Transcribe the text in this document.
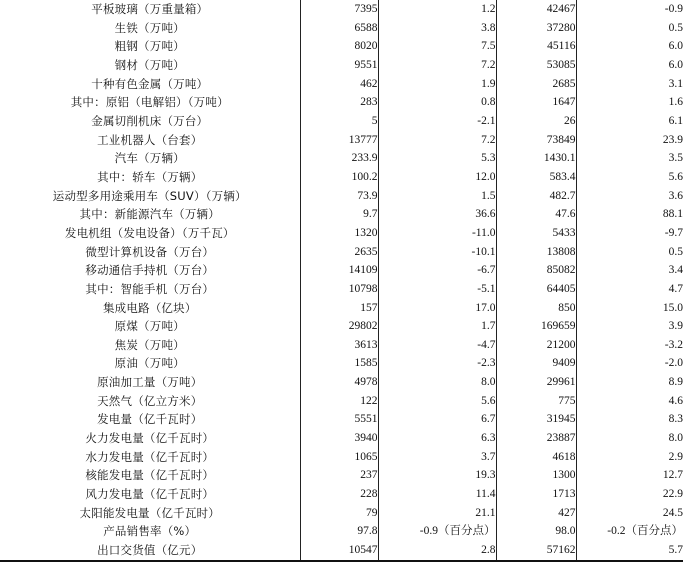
平板玻璃（万重量箱）	7395	1.2	42467	-0.9
生铁（万吨）	6588	3.8	37280	0.5
粗钢（万吨）	8020	7.5	45116	6.0
钢材（万吨）	9551	7.2	53085	6.0
十种有色金属（万吨）	462	1.9	2685	3.1
其中：原铝（电解铝）（万吨）	283	0.8	1647	1.6
金属切削机床（万台）	5	-2.1	26	6.1
工业机器人（台套）	13777	7.2	73849	23.9
汽车（万辆）	233.9	5.3	1430.1	3.5
其中：轿车（万辆）	100.2	12.0	583.4	5.6
运动型多用途乘用车（SUV）（万辆）	73.9	1.5	482.7	3.6
其中：新能源汽车（万辆）	9.7	36.6	47.6	88.1
发电机组（发电设备）（万千瓦）	1320	-11.0	5433	-9.7
微型计算机设备（万台）	2635	-10.1	13808	0.5
移动通信手持机（万台）	14109	-6.7	85082	3.4
其中：智能手机（万台）	10798	-5.1	64405	4.7
集成电路（亿块）	157	17.0	850	15.0
原煤（万吨）	29802	1.7	169659	3.9
焦炭（万吨）	3613	-4.7	21200	-3.2
原油（万吨）	1585	-2.3	9409	-2.0
原油加工量（万吨）	4978	8.0	29961	8.9
天然气（亿立方米）	122	5.6	775	4.6
发电量（亿千瓦时）	5551	6.7	31945	8.3
火力发电量（亿千瓦时）	3940	6.3	23887	8.0
水力发电量（亿千瓦时）	1065	3.7	4618	2.9
核能发电量（亿千瓦时）	237	19.3	1300	12.7
风力发电量（亿千瓦时）	228	11.4	1713	22.9
太阳能发电量（亿千瓦时）	79	21.1	427	24.5
产品销售率（%）	97.8	-0.9（百分点）	98.0	-0.2（百分点）
出口交货值（亿元）	10547	2.8	57162	5.7
